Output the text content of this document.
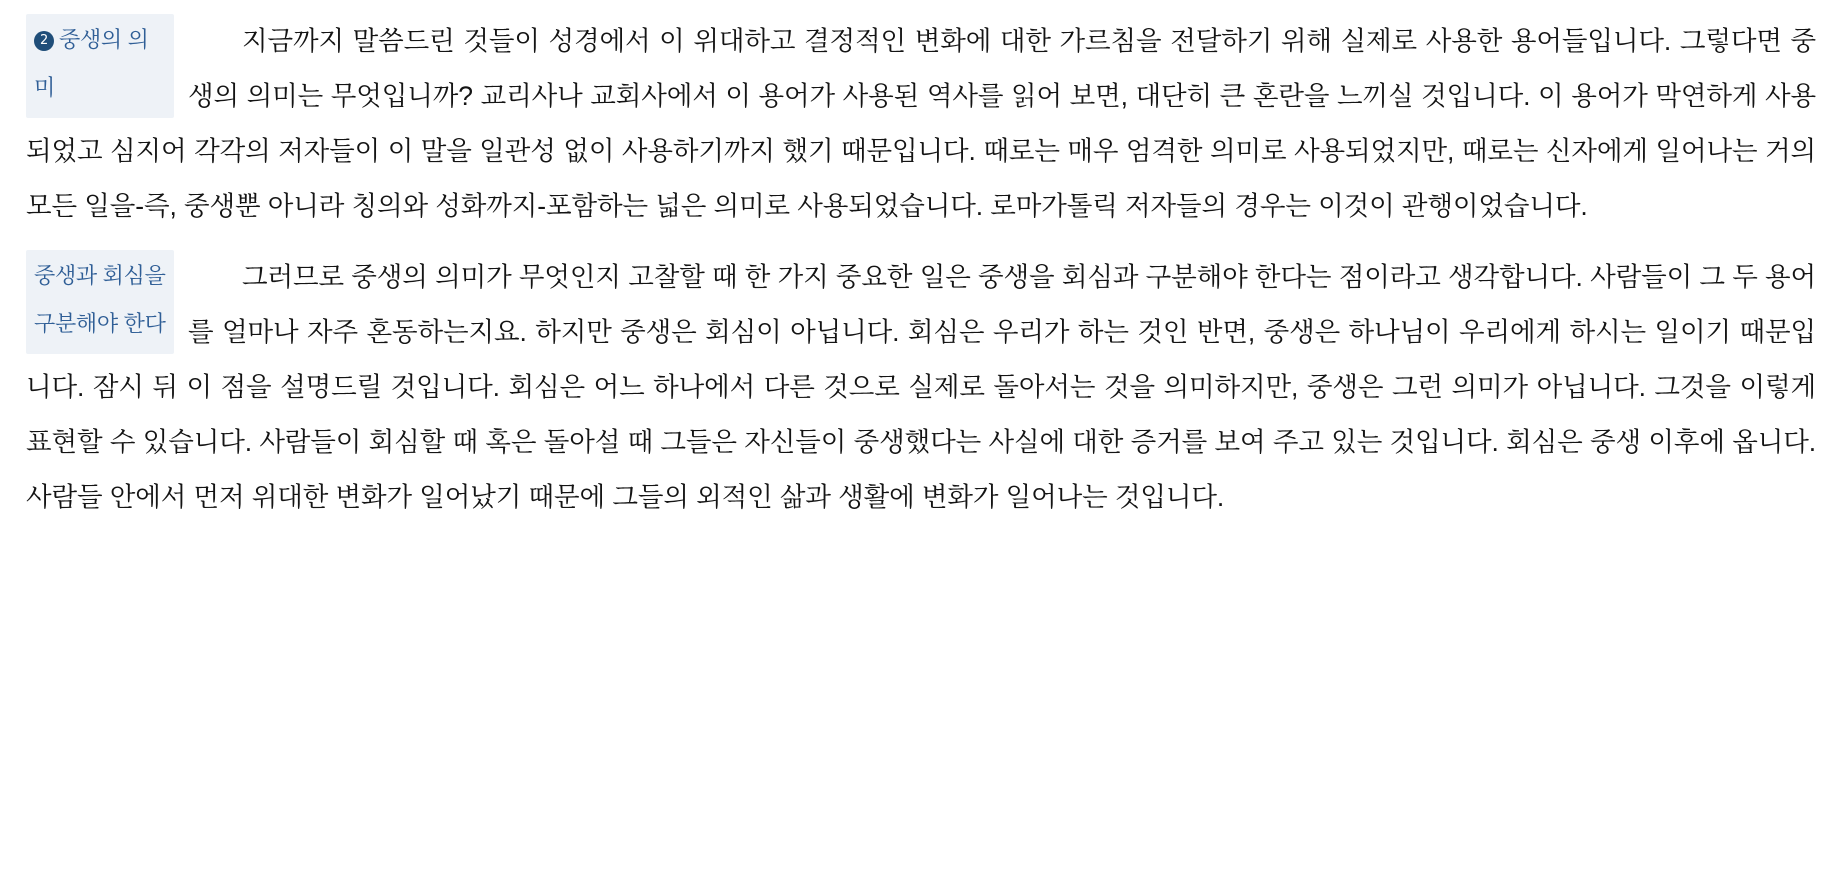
2 중생의 의미
지금까지 말씀드린 것들이 성경에서 이 위대하고 결정적인 변화에 대한 가르침을 전달하기 위해 실제로 사용한 용어들입니다. 그렇다면 중생의 의미는 무엇입니까? 교리사나 교회사에서 이 용어가 사용된 역사를 읽어 보면, 대단히 큰 혼란을 느끼실 것입니다. 이 용어가 막연하게 사용되었고 심지어 각각의 저자들이 이 말을 일관성 없이 사용하기까지 했기 때문입니다. 때로는 매우 엄격한 의미로 사용되었지만, 때로는 신자에게 일어나는 거의 모든 일을-즉, 중생뿐 아니라 칭의와 성화까지-포함하는 넓은 의미로 사용되었습니다. 로마가톨릭 저자들의 경우는 이것이 관행이었습니다.
중생과 회심을 구분해야 한다
그러므로 중생의 의미가 무엇인지 고찰할 때 한 가지 중요한 일은 중생을 회심과 구분해야 한다는 점이라고 생각합니다. 사람들이 그 두 용어를 얼마나 자주 혼동하는지요. 하지만 중생은 회심이 아닙니다. 회심은 우리가 하는 것인 반면, 중생은 하나님이 우리에게 하시는 일이기 때문입니다. 잠시 뒤 이 점을 설명드릴 것입니다. 회심은 어느 하나에서 다른 것으로 실제로 돌아서는 것을 의미하지만, 중생은 그런 의미가 아닙니다. 그것을 이렇게 표현할 수 있습니다. 사람들이 회심할 때 혹은 돌아설 때 그들은 자신들이 중생했다는 사실에 대한 증거를 보여 주고 있는 것입니다. 회심은 중생 이후에 옵니다. 사람들 안에서 먼저 위대한 변화가 일어났기 때문에 그들의 외적인 삶과 생활에 변화가 일어나는 것입니다.
